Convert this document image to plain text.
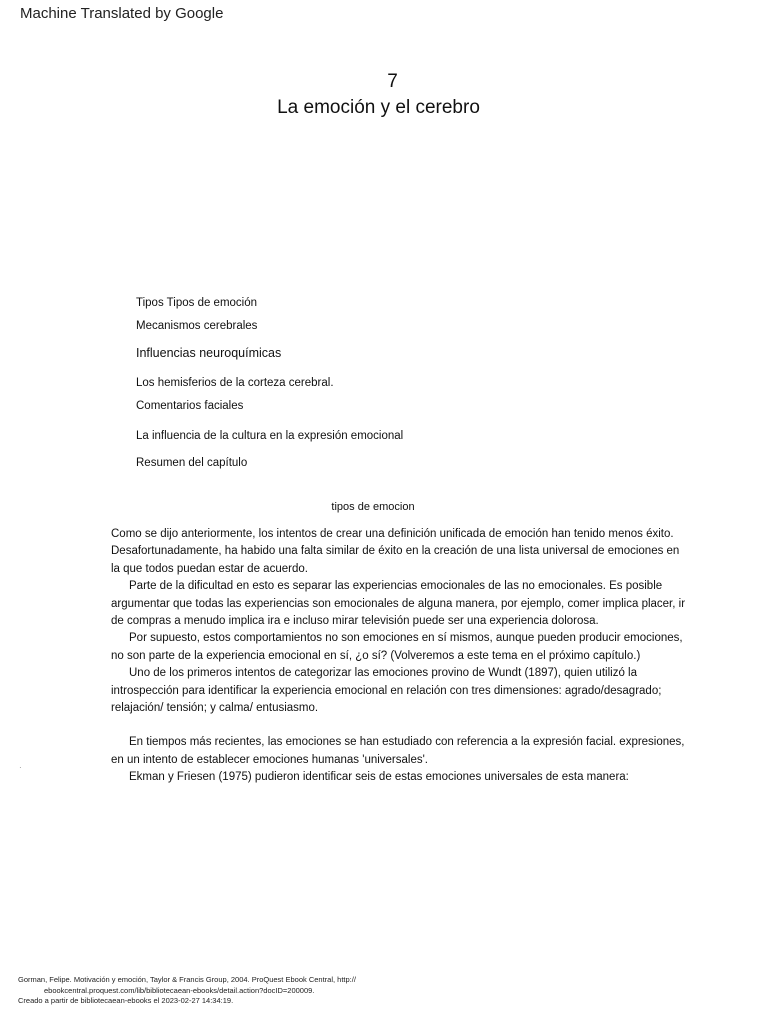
Machine Translated by Google
7
La emoción y el cerebro
Tipos Tipos de emoción
Mecanismos cerebrales
Influencias neuroquímicas
Los hemisferios de la corteza cerebral.
Comentarios faciales
La influencia de la cultura en la expresión emocional
Resumen del capítulo
tipos de emocion

Como se dijo anteriormente, los intentos de crear una definición unificada de emoción han tenido menos éxito. Desafortunadamente, ha habido una falta similar de éxito en la creación de una lista universal de emociones en la que todos puedan estar de acuerdo.

Parte de la dificultad en esto es separar las experiencias emocionales de las no emocionales. Es posible argumentar que todas las experiencias son emocionales de alguna manera, por ejemplo, comer implica placer, ir de compras a menudo implica ira e incluso mirar televisión puede ser una experiencia dolorosa.

Por supuesto, estos comportamientos no son emociones en sí mismos, aunque pueden producir emociones, no son parte de la experiencia emocional en sí, ¿o sí? (Volveremos a este tema en el próximo capítulo.)

Uno de los primeros intentos de categorizar las emociones provino de Wundt (1897), quien utilizó la introspección para identificar la experiencia emocional en relación con tres dimensiones: agrado/desagrado; relajación/ tensión; y calma/ entusiasmo.

En tiempos más recientes, las emociones se han estudiado con referencia a la expresión facial. expresiones, en un intento de establecer emociones humanas 'universales'.

Ekman y Friesen (1975) pudieron identificar seis de estas emociones universales de esta manera:

·
Gorman, Felipe. Motivación y emoción, Taylor & Francis Group, 2004. ProQuest Ebook Central, http://
ebookcentral.proquest.com/lib/bibliotecaean-ebooks/detail.action?docID=200009.
Creado a partir de bibliotecaean-ebooks el 2023-02-27 14:34:19.
